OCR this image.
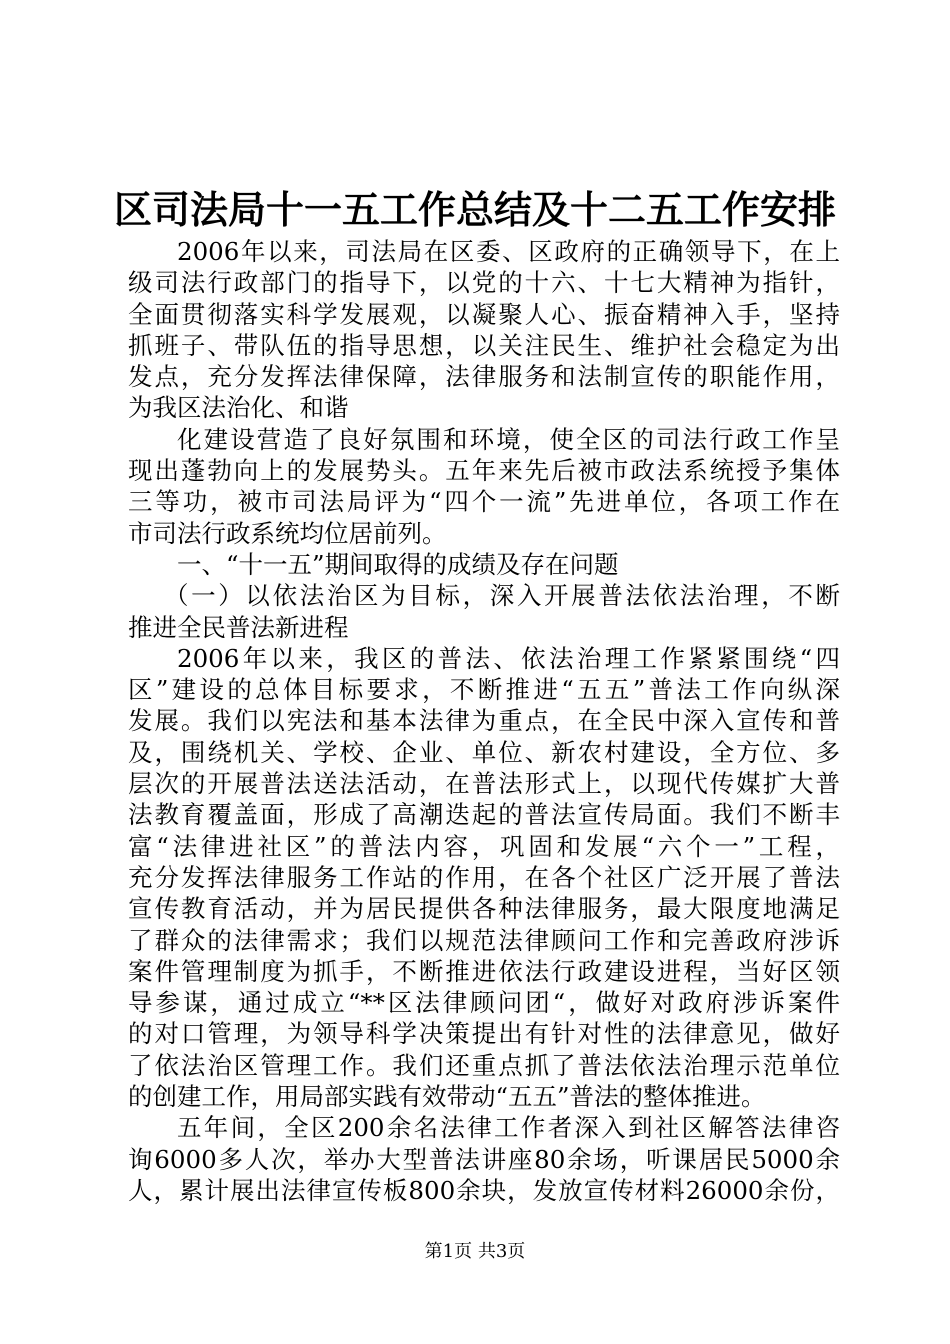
区司法局十一五工作总结及十二五工作安排
2006年以来，司法局在区委、区政府的正确领导下，在上
级司法行政部门的指导下，以党的十六、十七大精神为指针，
全面贯彻落实科学发展观，以凝聚人心、振奋精神入手，坚持
抓班子、带队伍的指导思想，以关注民生、维护社会稳定为出
发点，充分发挥法律保障，法律服务和法制宣传的职能作用，
为我区法治化、和谐
化建设营造了良好氛围和环境，使全区的司法行政工作呈
现出蓬勃向上的发展势头。五年来先后被市政法系统授予集体
三等功，被市司法局评为“四个一流”先进单位，各项工作在
市司法行政系统均位居前列。
一、“十一五”期间取得的成绩及存在问题
（一）以依法治区为目标，深入开展普法依法治理，不断
推进全民普法新进程
2006年以来，我区的普法、依法治理工作紧紧围绕“四
区”建设的总体目标要求，不断推进“五五”普法工作向纵深
发展。我们以宪法和基本法律为重点，在全民中深入宣传和普
及，围绕机关、学校、企业、单位、新农村建设，全方位、多
层次的开展普法送法活动，在普法形式上，以现代传媒扩大普
法教育覆盖面，形成了高潮迭起的普法宣传局面。我们不断丰
富“法律进社区”的普法内容，巩固和发展“六个一”工程，
充分发挥法律服务工作站的作用，在各个社区广泛开展了普法
宣传教育活动，并为居民提供各种法律服务，最大限度地满足
了群众的法律需求；我们以规范法律顾问工作和完善政府涉诉
案件管理制度为抓手，不断推进依法行政建设进程，当好区领
导参谋，通过成立“**区法律顾问团“，做好对政府涉诉案件
的对口管理，为领导科学决策提出有针对性的法律意见，做好
了依法治区管理工作。我们还重点抓了普法依法治理示范单位
的创建工作，用局部实践有效带动“五五”普法的整体推进。
五年间，全区200余名法律工作者深入到社区解答法律咨
询6000多人次，举办大型普法讲座80余场，听课居民5000余
人，累计展出法律宣传板800余块，发放宣传材料26000余份，
第1页 共3页
